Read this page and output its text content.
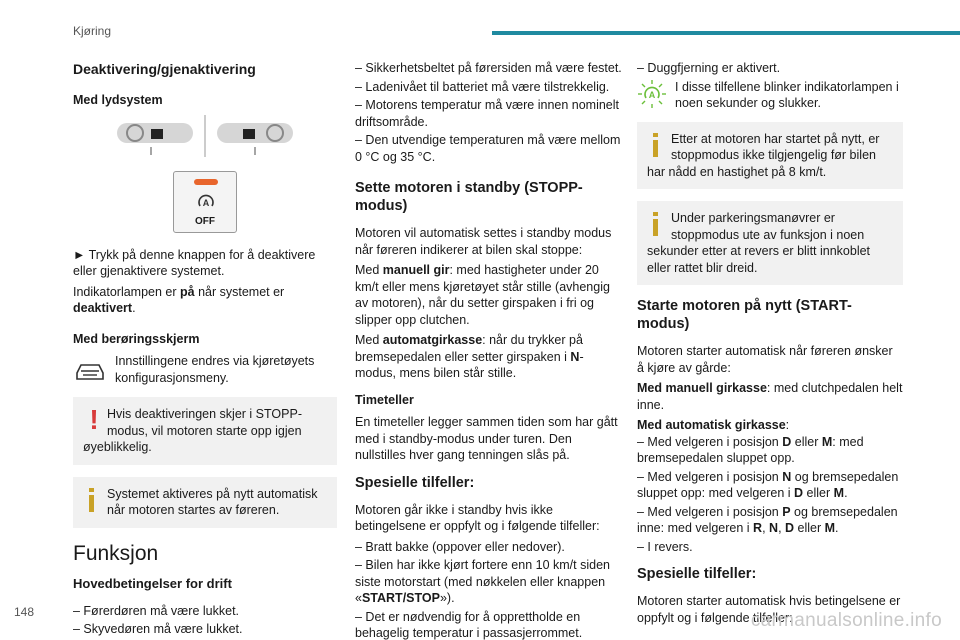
Kjøring
Deaktivering/gjenaktivering
Med lydsystem
A
OFF

► Trykk på denne knappen for å deaktivere eller gjenaktivere systemet.

Indikatorlampen er på når systemet er deaktivert.

Med berøringsskjerm
Innstillingene endres via kjøretøyets konfigurasjonsmeny.
! Hvis deaktiveringen skjer i STOPP-modus, vil motoren starte opp igjen øyeblikkelig.
Systemet aktiveres på nytt automatisk når motoren startes av føreren.
Funksjon
Hovedbetingelser for drift

– Førerdøren må være lukket.

– Skyvedøren må være lukket.

– Sikkerhetsbeltet på førersiden må være festet.

– Ladenivået til batteriet må være tilstrekkelig.

– Motorens temperatur må være innen nominelt driftsområde.

– Den utvendige temperaturen må være mellom 0 °C og 35 °C.

Sette motoren i standby (STOPP-modus)

Motoren vil automatisk settes i standby modus når føreren indikerer at bilen skal stoppe:

Med manuell gir: med hastigheter under 20 km/t eller mens kjøretøyet står stille (avhengig av motoren), når du setter girspaken i fri og slipper opp clutchen.

Med automatgirkasse: når du trykker på bremsepedalen eller setter girspaken i N-modus, mens bilen står stille.

Timeteller

En timeteller legger sammen tiden som har gått med i standby-modus under turen. Den nullstilles hver gang tenningen slås på.

Spesielle tilfeller:

Motoren går ikke i standby hvis ikke betingelsene er oppfylt og i følgende tilfeller:

– Bratt bakke (oppover eller nedover).

– Bilen har ikke kjørt fortere enn 10 km/t siden siste motorstart (med nøkkelen eller knappen «START/STOP»).

– Det er nødvendig for å opprettholde en behagelig temperatur i passasjerrommet.

– Duggfjerning er aktivert.

A
I disse tilfellene blinker indikatorlampen i noen sekunder og slukker.
Etter at motoren har startet på nytt, er stoppmodus ikke tilgjengelig før bilen har nådd en hastighet på 8 km/t.
Under parkeringsmanøvrer er stoppmodus ute av funksjon i noen sekunder etter at revers er blitt innkoblet eller rattet blir dreid.
Starte motoren på nytt (START-modus)

Motoren starter automatisk når føreren ønsker å kjøre av gårde:

Med manuell girkasse: med clutchpedalen helt inne.

Med automatisk girkasse:

– Med velgeren i posisjon D eller M: med bremsepedalen sluppet opp.

– Med velgeren i posisjon N og bremsepedalen sluppet opp: med velgeren i D eller M.

– Med velgeren i posisjon P og bremsepedalen inne: med velgeren i R, N, D eller M.

– I revers.

Spesielle tilfeller:

Motoren starter automatisk hvis betingelsene er oppfylt og i følgende tilfeller:

148	carmanualsonline.info
